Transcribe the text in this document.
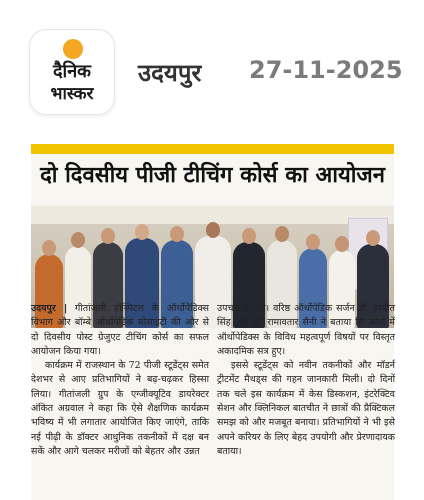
दैनिक
भास्कर
उदयपुर 27-11-2025
दो दिवसीय पीजी टीचिंग कोर्स का आयोजन

उदयपुर | गीतांजली हॉस्पिटल के ऑर्थोपेडिक्स विभाग और बॉम्बे ऑर्थोपेडिक सोसाइटी की ओर से दो दिवसीय पोस्ट ग्रेजुएट टीचिंग कोर्स का सफल आयोजन किया गया।

कार्यक्रम में राजस्थान के 72 पीजी स्टूडेंट्स समेत देशभर से आए प्रतिभागियों ने बढ़-चढ़कर हिस्सा लिया। गीतांजली ग्रुप के एग्जीक्यूटिव डायरेक्टर अंकित अग्रवाल ने कहा कि ऐसे शैक्षणिक कार्यक्रम भविष्य में भी लगातार आयोजित किए जाएंगे, ताकि नई पीढ़ी के डॉक्टर आधुनिक तकनीकों में दक्ष बन सकें और आगे चलकर मरीजों को बेहतर और उन्नत

उपचार दे पाएं। वरिष्ठ ऑर्थोपेडिक सर्जन डॉ. हरप्रीत सिंह और डॉ. रामावतार सैनी ने बताया कि कोर्स में ऑर्थोपेडिक्स के विविध महत्वपूर्ण विषयों पर विस्तृत अकादमिक सत्र हुए।

इससे स्टूडेंट्स को नवीन तकनीकों और मॉडर्न ट्रीटमेंट मैथड्स की गहन जानकारी मिली। दो दिनों तक चले इस कार्यक्रम में केस डिस्कशन, इंटरेक्टिव सेशन और क्लिनिकल बातचीत ने छात्रों की प्रैक्टिकल समझ को और मजबूत बनाया। प्रतिभागियों ने भी इसे अपने करियर के लिए बेहद उपयोगी और प्रेरणादायक बताया।
